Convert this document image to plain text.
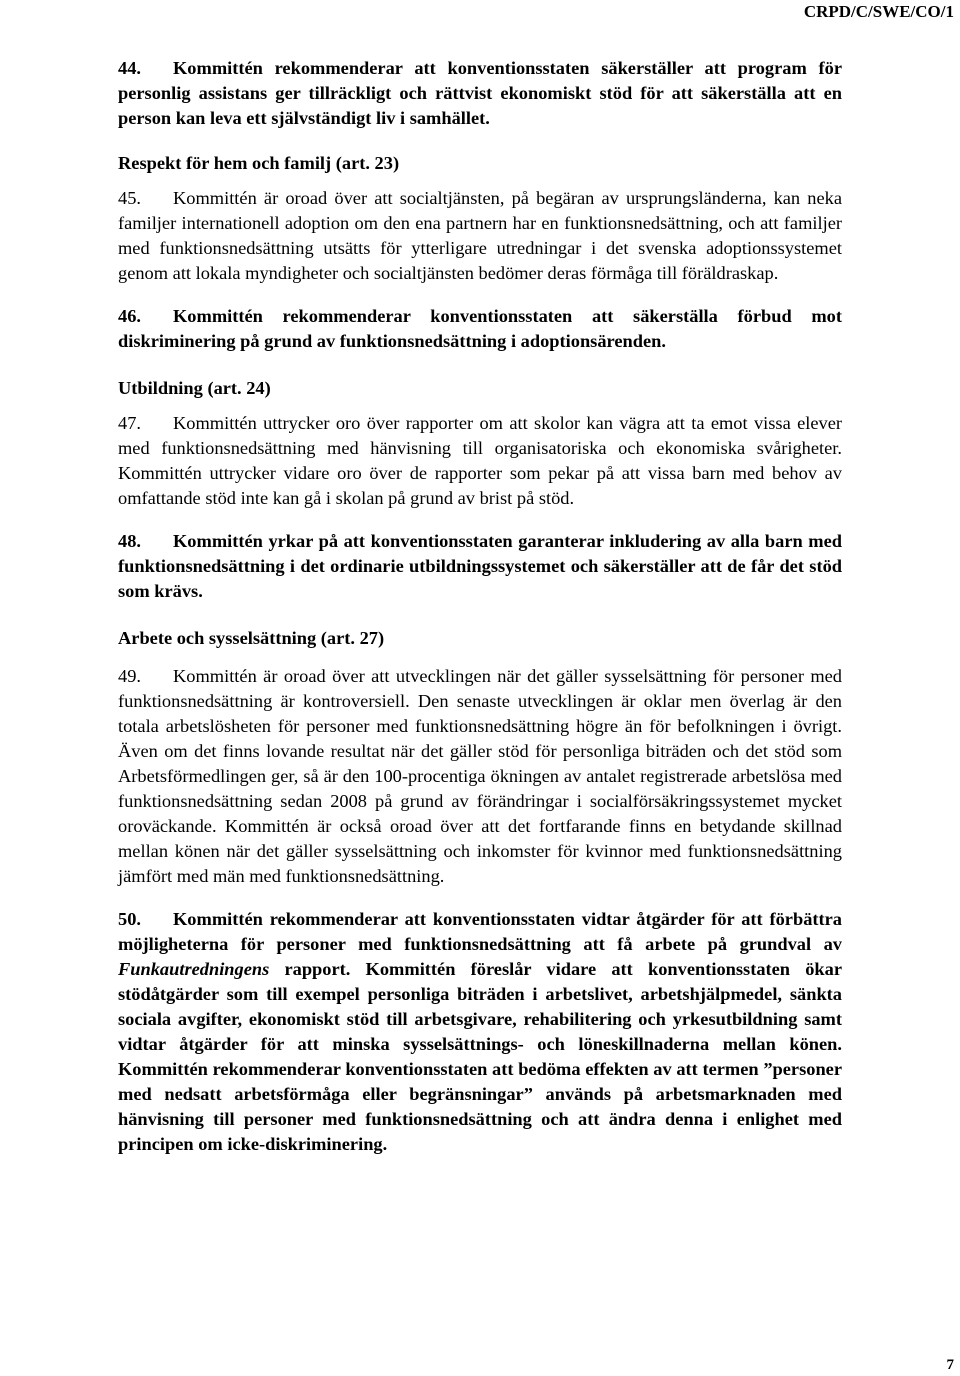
CRPD/C/SWE/CO/1

44. Kommittén rekommenderar att konventionsstaten säkerställer att program för personlig assistans ger tillräckligt och rättvist ekonomiskt stöd för att säkerställa att en person kan leva ett självständigt liv i samhället.

Respekt för hem och familj (art. 23)

45. Kommittén är oroad över att socialtjänsten, på begäran av ursprungsländerna, kan neka familjer internationell adoption om den ena partnern har en funktionsnedsättning, och att familjer med funktionsnedsättning utsätts för ytterligare utredningar i det svenska adoptionssystemet genom att lokala myndigheter och socialtjänsten bedömer deras förmåga till föräldraskap.

46. Kommittén rekommenderar konventionsstaten att säkerställa förbud mot diskriminering på grund av funktionsnedsättning i adoptionsärenden.

Utbildning (art. 24)

47. Kommittén uttrycker oro över rapporter om att skolor kan vägra att ta emot vissa elever med funktionsnedsättning med hänvisning till organisatoriska och ekonomiska svårigheter. Kommittén uttrycker vidare oro över de rapporter som pekar på att vissa barn med behov av omfattande stöd inte kan gå i skolan på grund av brist på stöd.

48. Kommittén yrkar på att konventionsstaten garanterar inkludering av alla barn med funktionsnedsättning i det ordinarie utbildningssystemet och säkerställer att de får det stöd som krävs.

Arbete och sysselsättning (art. 27)

49. Kommittén är oroad över att utvecklingen när det gäller sysselsättning för personer med funktionsnedsättning är kontroversiell. Den senaste utvecklingen är oklar men överlag är den totala arbetslösheten för personer med funktionsnedsättning högre än för befolkningen i övrigt. Även om det finns lovande resultat när det gäller stöd för personliga biträden och det stöd som Arbetsförmedlingen ger, så är den 100-procentiga ökningen av antalet registrerade arbetslösa med funktionsnedsättning sedan 2008 på grund av förändringar i socialförsäkringssystemet mycket oroväckande. Kommittén är också oroad över att det fortfarande finns en betydande skillnad mellan könen när det gäller sysselsättning och inkomster för kvinnor med funktionsnedsättning jämfört med män med funktionsnedsättning.

50. Kommittén rekommenderar att konventionsstaten vidtar åtgärder för att förbättra möjligheterna för personer med funktionsnedsättning att få arbete på grundval av Funkautredningens rapport. Kommittén föreslår vidare att konventionsstaten ökar stödåtgärder som till exempel personliga biträden i arbetslivet, arbetshjälpmedel, sänkta sociala avgifter, ekonomiskt stöd till arbetsgivare, rehabilitering och yrkesutbildning samt vidtar åtgärder för att minska sysselsättnings- och löneskillnaderna mellan könen. Kommittén rekommenderar konventionsstaten att bedöma effekten av att termen ”personer med nedsatt arbetsförmåga eller begränsningar” används på arbetsmarknaden med hänvisning till personer med funktionsnedsättning och att ändra denna i enlighet med principen om icke-diskriminering.

7
